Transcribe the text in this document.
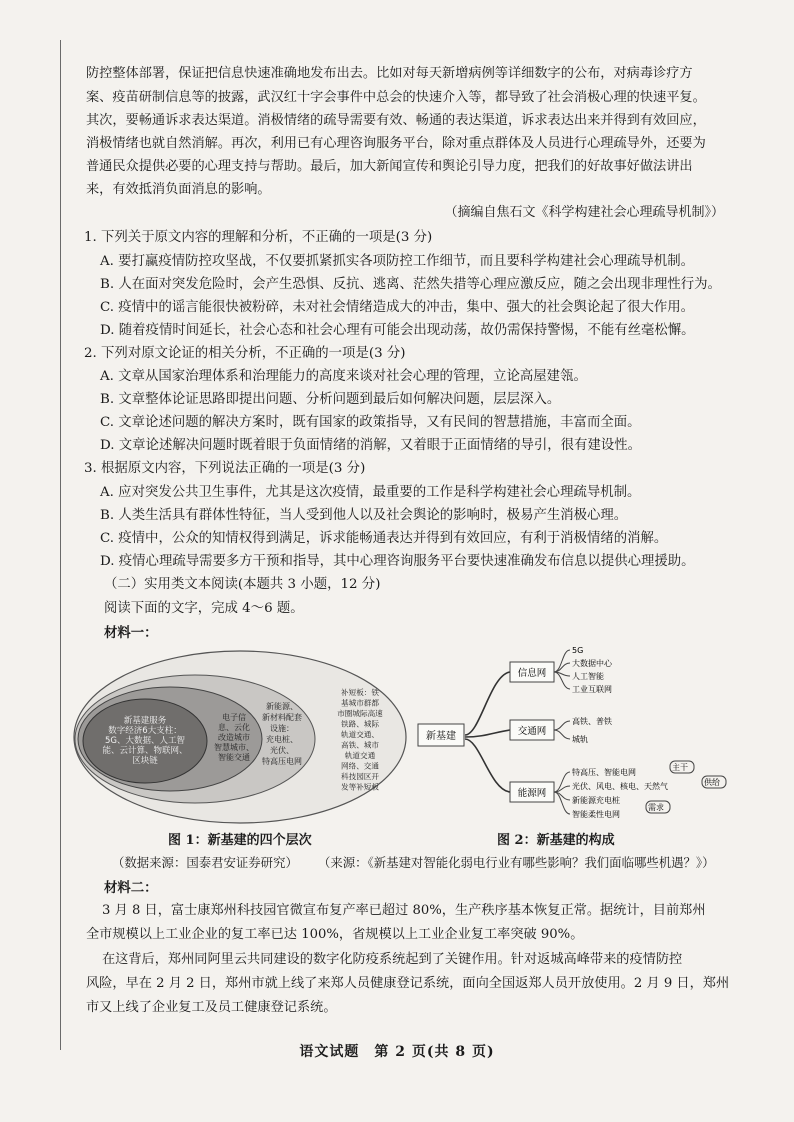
防控整体部署，保证把信息快速准确地发布出去。比如对每天新增病例等详细数字的公布，对病毒诊疗方
案、疫苗研制信息等的披露，武汉红十字会事件中总会的快速介入等，都导致了社会消极心理的快速平复。
其次，要畅通诉求表达渠道。消极情绪的疏导需要有效、畅通的表达渠道，诉求表达出来并得到有效回应，
消极情绪也就自然消解。再次，利用已有心理咨询服务平台，除对重点群体及人员进行心理疏导外，还要为
普通民众提供必要的心理支持与帮助。最后，加大新闻宣传和舆论引导力度，把我们的好故事好做法讲出
来，有效抵消负面消息的影响。
（摘编自焦石文《科学构建社会心理疏导机制》）
1. 下列关于原文内容的理解和分析，不正确的一项是(3 分)
A. 要打赢疫情防控攻坚战，不仅要抓紧抓实各项防控工作细节，而且要科学构建社会心理疏导机制。
B. 人在面对突发危险时，会产生恐惧、反抗、逃离、茫然失措等心理应激反应，随之会出现非理性行为。
C. 疫情中的谣言能很快被粉碎，未对社会情绪造成大的冲击，集中、强大的社会舆论起了很大作用。
D. 随着疫情时间延长，社会心态和社会心理有可能会出现动荡，故仍需保持警惕，不能有丝毫松懈。
2. 下列对原文论证的相关分析，不正确的一项是(3 分)
A. 文章从国家治理体系和治理能力的高度来谈对社会心理的管理，立论高屋建瓴。
B. 文章整体论证思路即提出问题、分析问题到最后如何解决问题，层层深入。
C. 文章论述问题的解决方案时，既有国家的政策指导，又有民间的智慧措施，丰富而全面。
D. 文章论述解决问题时既着眼于负面情绪的消解，又着眼于正面情绪的导引，很有建设性。
3. 根据原文内容，下列说法正确的一项是(3 分)
A. 应对突发公共卫生事件，尤其是这次疫情，最重要的工作是科学构建社会心理疏导机制。
B. 人类生活具有群体性特征，当人受到他人以及社会舆论的影响时，极易产生消极心理。
C. 疫情中，公众的知情权得到满足，诉求能畅通表达并得到有效回应，有利于消极情绪的消解。
D. 疫情心理疏导需要多方干预和指导，其中心理咨询服务平台要快速准确发布信息以提供心理援助。
（二）实用类文本阅读(本题共 3 小题，12 分)
阅读下面的文字，完成 4～6 题。
材料一：
新基建服务
数字经济6大支柱：
5G、大数据、人工智
能、云计算、物联网、
区块链
电子信
息、云化
改造城市
智慧城市、
智能交通
新能源、
新材料配套
设施：
充电桩、
光伏、
特高压电网
补短板：铁
基城市群都
市圈城际高速
铁路、城际
轨道交通、
高铁、城市
轨道交通
网络、交通
科技园区开
发等补短板
新基建
信息网
5G
大数据中心
人工智能
工业互联网
交通网
高铁、普铁
城轨
能源网
特高压、智能电网
光伏、风电、核电、天然气
新能源充电桩
智能柔性电网
主干
供给
需求
图 1：新基建的四个层次	图 2：新基建的构成
（数据来源：国泰君安证券研究） （来源：《新基建对智能化弱电行业有哪些影响？我们面临哪些机遇？》）
材料二：
3 月 8 日，富士康郑州科技园官微宣布复产率已超过 80%，生产秩序基本恢复正常。据统计，目前郑州
全市规模以上工业企业的复工率已达 100%，省规模以上工业企业复工率突破 90%。
在这背后，郑州同阿里云共同建设的数字化防疫系统起到了关键作用。针对返城高峰带来的疫情防控
风险，早在 2 月 2 日，郑州市就上线了来郑人员健康登记系统，面向全国返郑人员开放使用。2 月 9 日，郑州
市又上线了企业复工及员工健康登记系统。
语文试题　第 2 页(共 8 页)
